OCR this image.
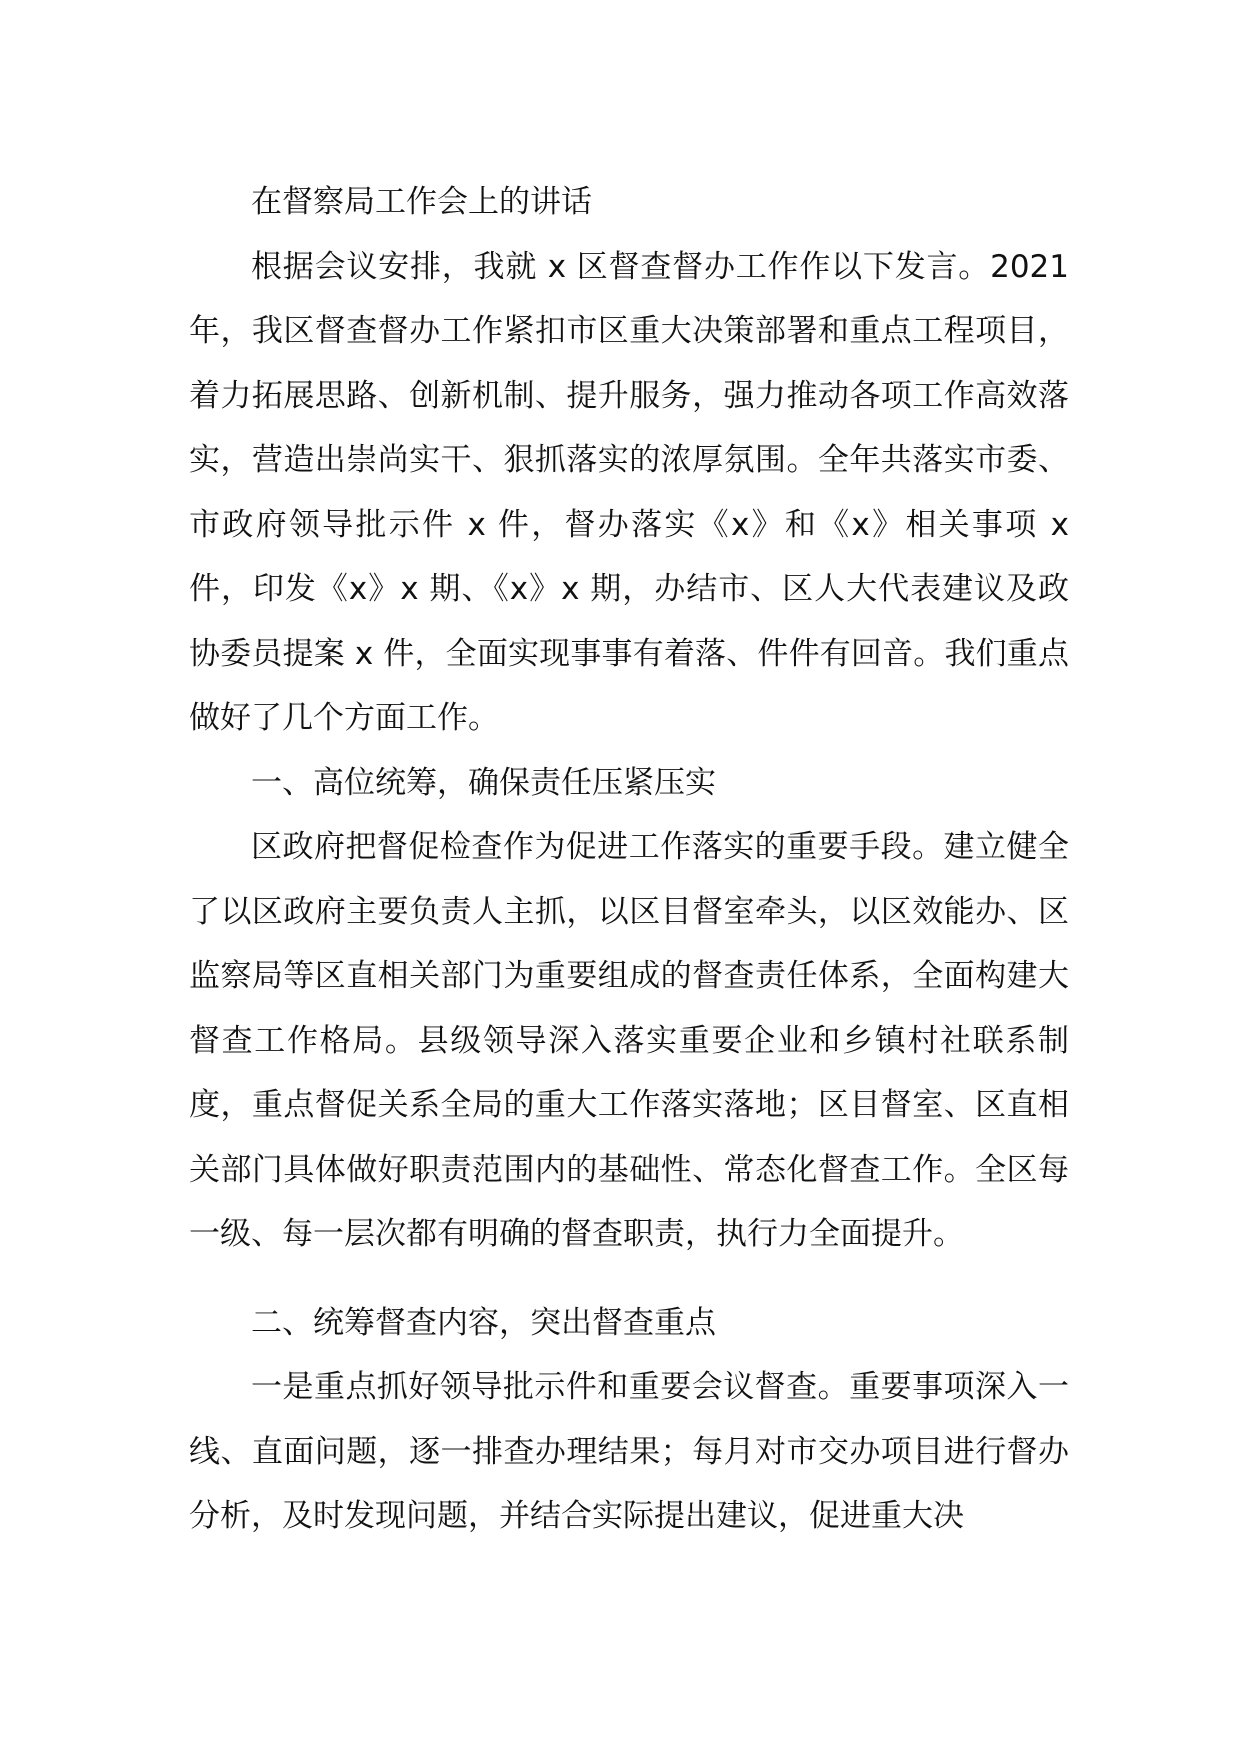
在督察局工作会上的讲话

根据会议安排，我就 x 区督查督办工作作以下发言。2021 年，我区督查督办工作紧扣市区重大决策部署和重点工程项目，着力拓展思路、创新机制、提升服务，强力推动各项工作高效落实，营造出崇尚实干、狠抓落实的浓厚氛围。全年共落实市委、市政府领导批示件 x 件，督办落实《x》和《x》相关事项 x 件，印发《x》x 期、《x》x 期，办结市、区人大代表建议及政协委员提案 x 件，全面实现事事有着落、件件有回音。我们重点做好了几个方面工作。

一、高位统筹，确保责任压紧压实

区政府把督促检查作为促进工作落实的重要手段。建立健全了以区政府主要负责人主抓，以区目督室牵头，以区效能办、区监察局等区直相关部门为重要组成的督查责任体系，全面构建大督查工作格局。县级领导深入落实重要企业和乡镇村社联系制度，重点督促关系全局的重大工作落实落地；区目督室、区直相关部门具体做好职责范围内的基础性、常态化督查工作。全区每一级、每一层次都有明确的督查职责，执行力全面提升。

二、统筹督查内容，突出督查重点

一是重点抓好领导批示件和重要会议督查。重要事项深入一线、直面问题，逐一排查办理结果；每月对市交办项目进行督办分析，及时发现问题，并结合实际提出建议，促进重大决
